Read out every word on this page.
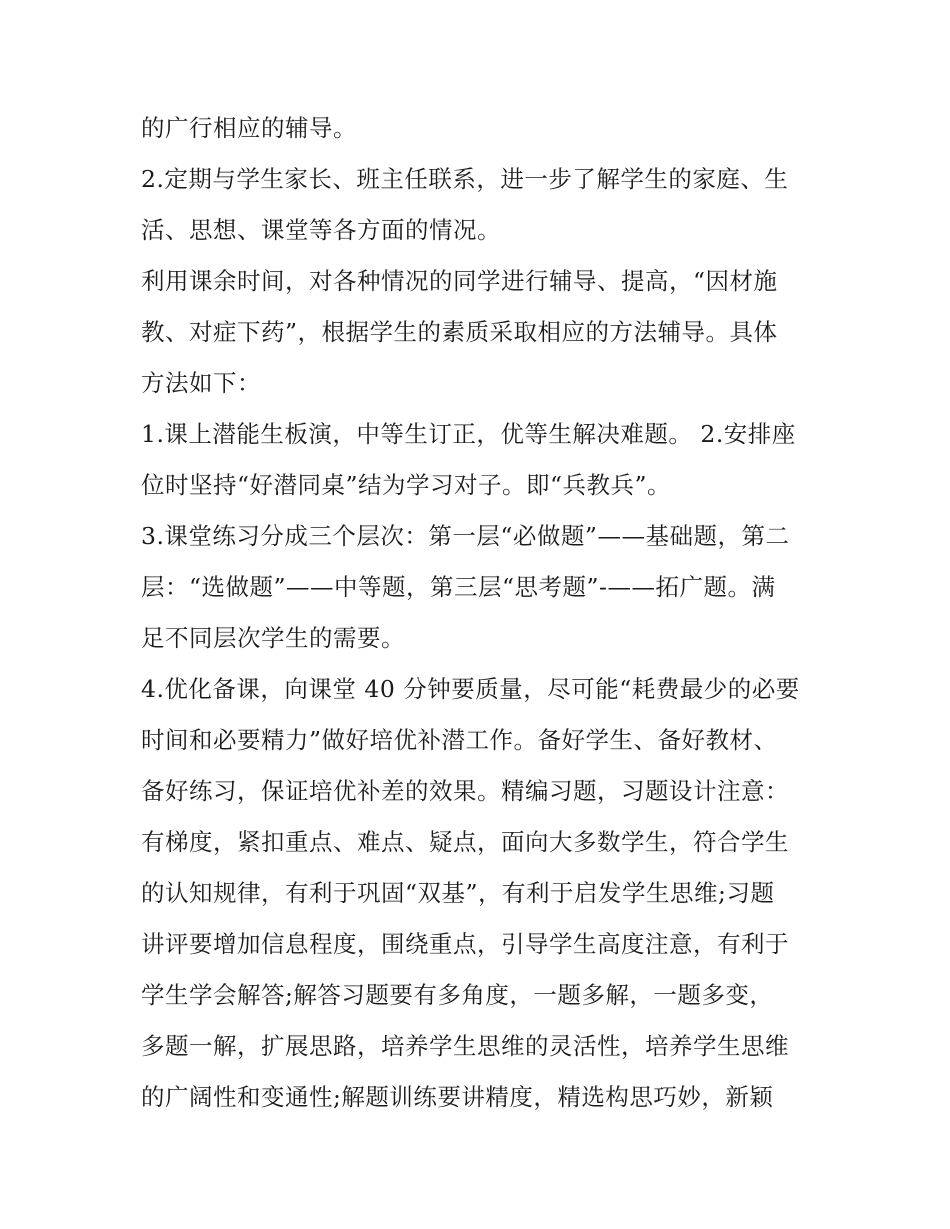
的广行相应的辅导。
2.定期与学生家长、班主任联系，进一步了解学生的家庭、生
活、思想、课堂等各方面的情况。
利用课余时间，对各种情况的同学进行辅导、提高，“因材施
教、对症下药”，根据学生的素质采取相应的方法辅导。具体
方法如下：
1.课上潜能生板演，中等生订正，优等生解决难题。 2.安排座
位时坚持“好潜同桌”结为学习对子。即“兵教兵”。
3.课堂练习分成三个层次：第一层“必做题”——基础题，第二
层：“选做题”——中等题，第三层“思考题”-——拓广题。满
足不同层次学生的需要。
4.优化备课，向课堂 40 分钟要质量，尽可能“耗费最少的必要
时间和必要精力”做好培优补潜工作。备好学生、备好教材、
备好练习，保证培优补差的效果。精编习题，习题设计注意：
有梯度，紧扣重点、难点、疑点，面向大多数学生，符合学生
的认知规律，有利于巩固“双基”，有利于启发学生思维;习题
讲评要增加信息程度，围绕重点，引导学生高度注意，有利于
学生学会解答;解答习题要有多角度，一题多解，一题多变，
多题一解，扩展思路，培养学生思维的灵活性，培养学生思维
的广阔性和变通性;解题训练要讲精度，精选构思巧妙，新颖
